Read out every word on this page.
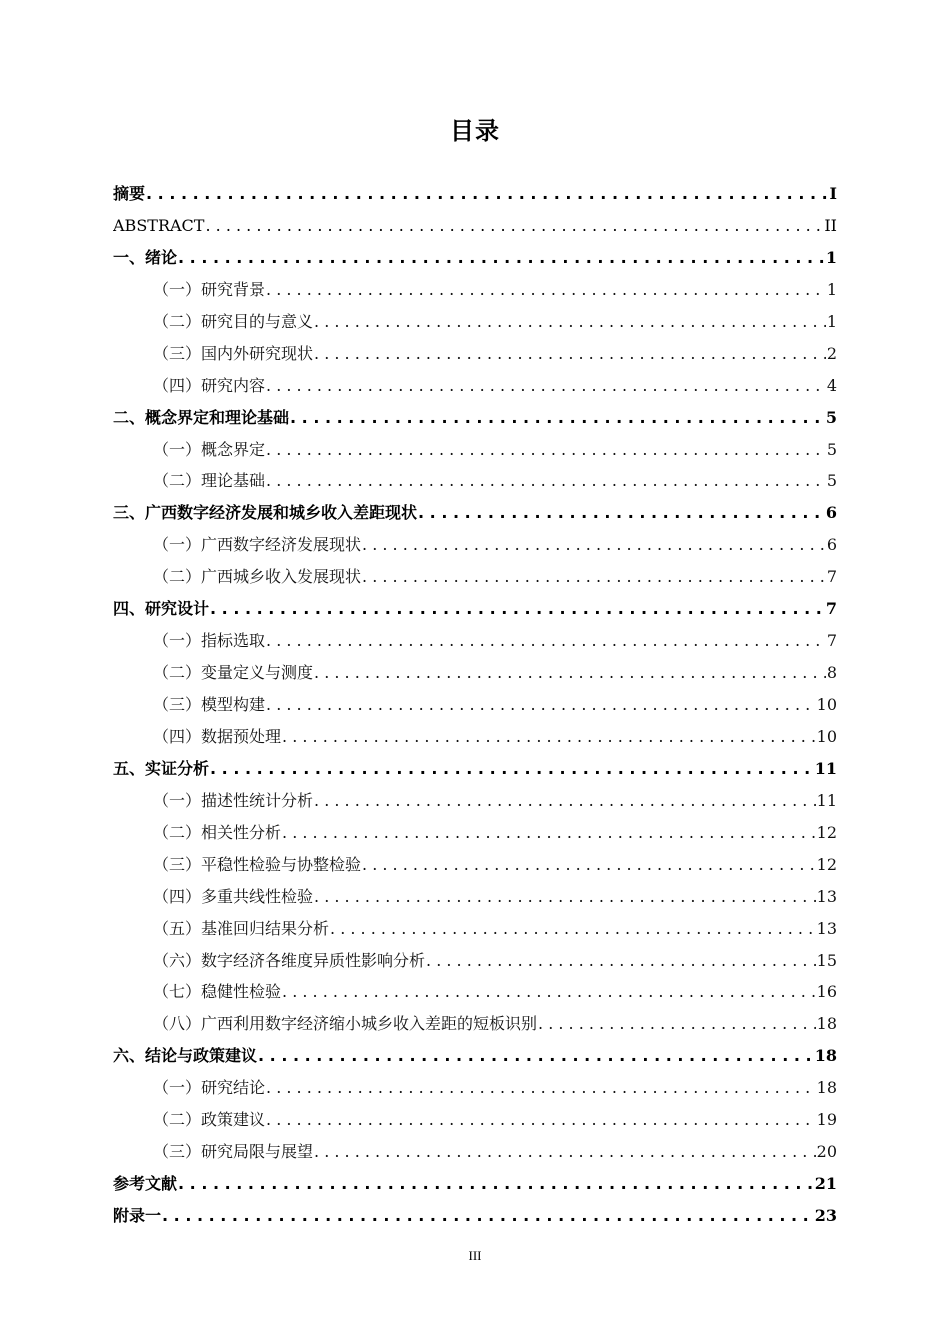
目录
摘要 . . .	I
ABSTRACT . . .	II
一、绪论 . . .	1
（一）研究背景 . . .	1
（二）研究目的与意义 . . .	1
（三）国内外研究现状 . . .	2
（四）研究内容 . . .	4
二、概念界定和理论基础 . . .	5
（一）概念界定 . . .	5
（二）理论基础 . . .	5
三、广西数字经济发展和城乡收入差距现状 . . .	6
（一）广西数字经济发展现状 . . .	6
（二）广西城乡收入发展现状 . . .	7
四、研究设计 . . .	7
（一）指标选取 . . .	7
（二）变量定义与测度 . . .	8
（三）模型构建 . . .	10
（四）数据预处理 . . .	10
五、实证分析 . . .	11
（一）描述性统计分析 . . .	11
（二）相关性分析 . . .	12
（三）平稳性检验与协整检验 . . .	12
（四）多重共线性检验 . . .	13
（五）基准回归结果分析 . . .	13
（六）数字经济各维度异质性影响分析 . . .	15
（七）稳健性检验 . . .	16
（八）广西利用数字经济缩小城乡收入差距的短板识别 . . .	18
六、结论与政策建议 . . .	18
（一）研究结论 . . .	18
（二）政策建议 . . .	19
（三）研究局限与展望 . . .	20
参考文献 . . .	21
附录一 . . .	23
III
